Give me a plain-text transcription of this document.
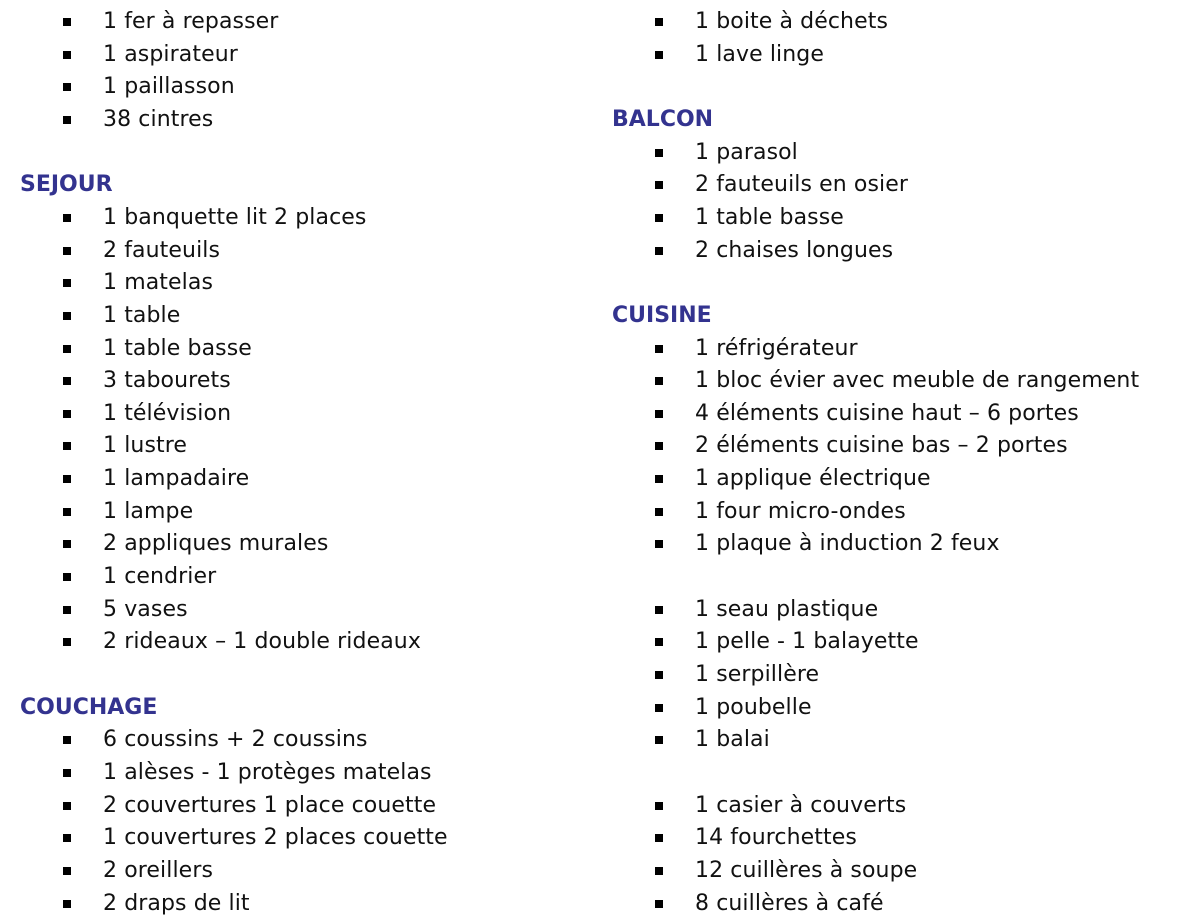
1 fer à repasser
1 aspirateur
1 paillasson
38 cintres
SEJOUR
1 banquette lit 2 places
2 fauteuils
1 matelas
1 table
1 table basse
3 tabourets
1 télévision
1 lustre
1 lampadaire
1 lampe
2 appliques murales
1 cendrier
5 vases
2 rideaux – 1 double rideaux
COUCHAGE
6 coussins + 2 coussins
1 alèses - 1 protèges matelas
2 couvertures 1 place couette
1 couvertures 2 places couette
2 oreillers
2 draps de lit
1 boite à déchets
1 lave linge
BALCON
1 parasol
2 fauteuils en osier
1 table basse
2 chaises longues
CUISINE
1 réfrigérateur
1 bloc évier avec meuble de rangement
4 éléments cuisine haut – 6 portes
2 éléments cuisine bas – 2 portes
1 applique électrique
1 four micro-ondes
1 plaque à induction 2 feux
1 seau plastique
1 pelle - 1 balayette
1 serpillère
1 poubelle
1 balai
1 casier à couverts
14 fourchettes
12 cuillères à soupe
8 cuillères à café
